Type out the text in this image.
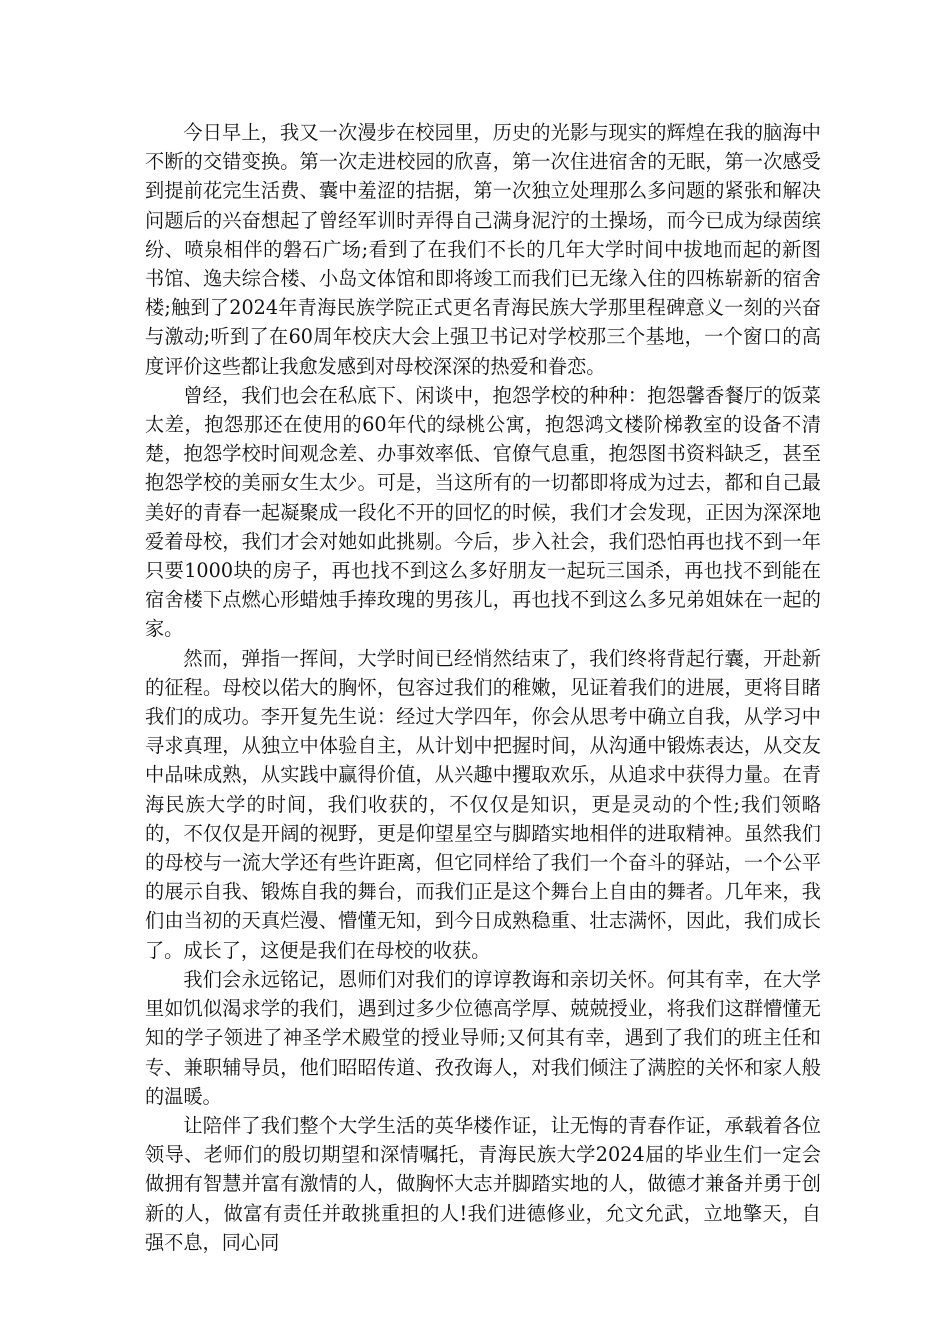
今日早上，我又一次漫步在校园里，历史的光影与现实的辉煌在我的脑海中不断的交错变换。第一次走进校园的欣喜，第一次住进宿舍的无眠，第一次感受到提前花完生活费、囊中羞涩的拮据，第一次独立处理那么多问题的紧张和解决问题后的兴奋想起了曾经军训时弄得自己满身泥泞的土操场，而今已成为绿茵缤纷、喷泉相伴的磐石广场;看到了在我们不长的几年大学时间中拔地而起的新图书馆、逸夫综合楼、小岛文体馆和即将竣工而我们已无缘入住的四栋崭新的宿舍楼;触到了2024年青海民族学院正式更名青海民族大学那里程碑意义一刻的兴奋与激动;听到了在60周年校庆大会上强卫书记对学校那三个基地，一个窗口的高度评价这些都让我愈发感到对母校深深的热爱和眷恋。

曾经，我们也会在私底下、闲谈中，抱怨学校的种种：抱怨馨香餐厅的饭菜太差，抱怨那还在使用的60年代的绿桃公寓，抱怨鸿文楼阶梯教室的设备不清楚，抱怨学校时间观念差、办事效率低、官僚气息重，抱怨图书资料缺乏，甚至抱怨学校的美丽女生太少。可是，当这所有的一切都即将成为过去，都和自己最美好的青春一起凝聚成一段化不开的回忆的时候，我们才会发现，正因为深深地爱着母校，我们才会对她如此挑剔。今后，步入社会，我们恐怕再也找不到一年只要1000块的房子，再也找不到这么多好朋友一起玩三国杀，再也找不到能在宿舍楼下点燃心形蜡烛手捧玫瑰的男孩儿，再也找不到这么多兄弟姐妹在一起的家。

然而，弹指一挥间，大学时间已经悄然结束了，我们终将背起行囊，开赴新的征程。母校以偌大的胸怀，包容过我们的稚嫩，见证着我们的进展，更将目睹我们的成功。李开复先生说：经过大学四年，你会从思考中确立自我，从学习中寻求真理，从独立中体验自主，从计划中把握时间，从沟通中锻炼表达，从交友中品味成熟，从实践中赢得价值，从兴趣中攫取欢乐，从追求中获得力量。在青海民族大学的时间，我们收获的，不仅仅是知识，更是灵动的个性;我们领略的，不仅仅是开阔的视野，更是仰望星空与脚踏实地相伴的进取精神。虽然我们的母校与一流大学还有些许距离，但它同样给了我们一个奋斗的驿站，一个公平的展示自我、锻炼自我的舞台，而我们正是这个舞台上自由的舞者。几年来，我们由当初的天真烂漫、懵懂无知，到今日成熟稳重、壮志满怀，因此，我们成长了。成长了，这便是我们在母校的收获。

我们会永远铭记，恩师们对我们的谆谆教诲和亲切关怀。何其有幸，在大学里如饥似渴求学的我们，遇到过多少位德高学厚、兢兢授业，将我们这群懵懂无知的学子领进了神圣学术殿堂的授业导师;又何其有幸，遇到了我们的班主任和专、兼职辅导员，他们昭昭传道、孜孜诲人，对我们倾注了满腔的关怀和家人般的温暖。

让陪伴了我们整个大学生活的英华楼作证，让无悔的青春作证，承载着各位领导、老师们的殷切期望和深情嘱托，青海民族大学2024届的毕业生们一定会做拥有智慧并富有激情的人，做胸怀大志并脚踏实地的人，做德才兼备并勇于创新的人，做富有责任并敢挑重担的人!我们进德修业，允文允武，立地擎天，自强不息，同心同
